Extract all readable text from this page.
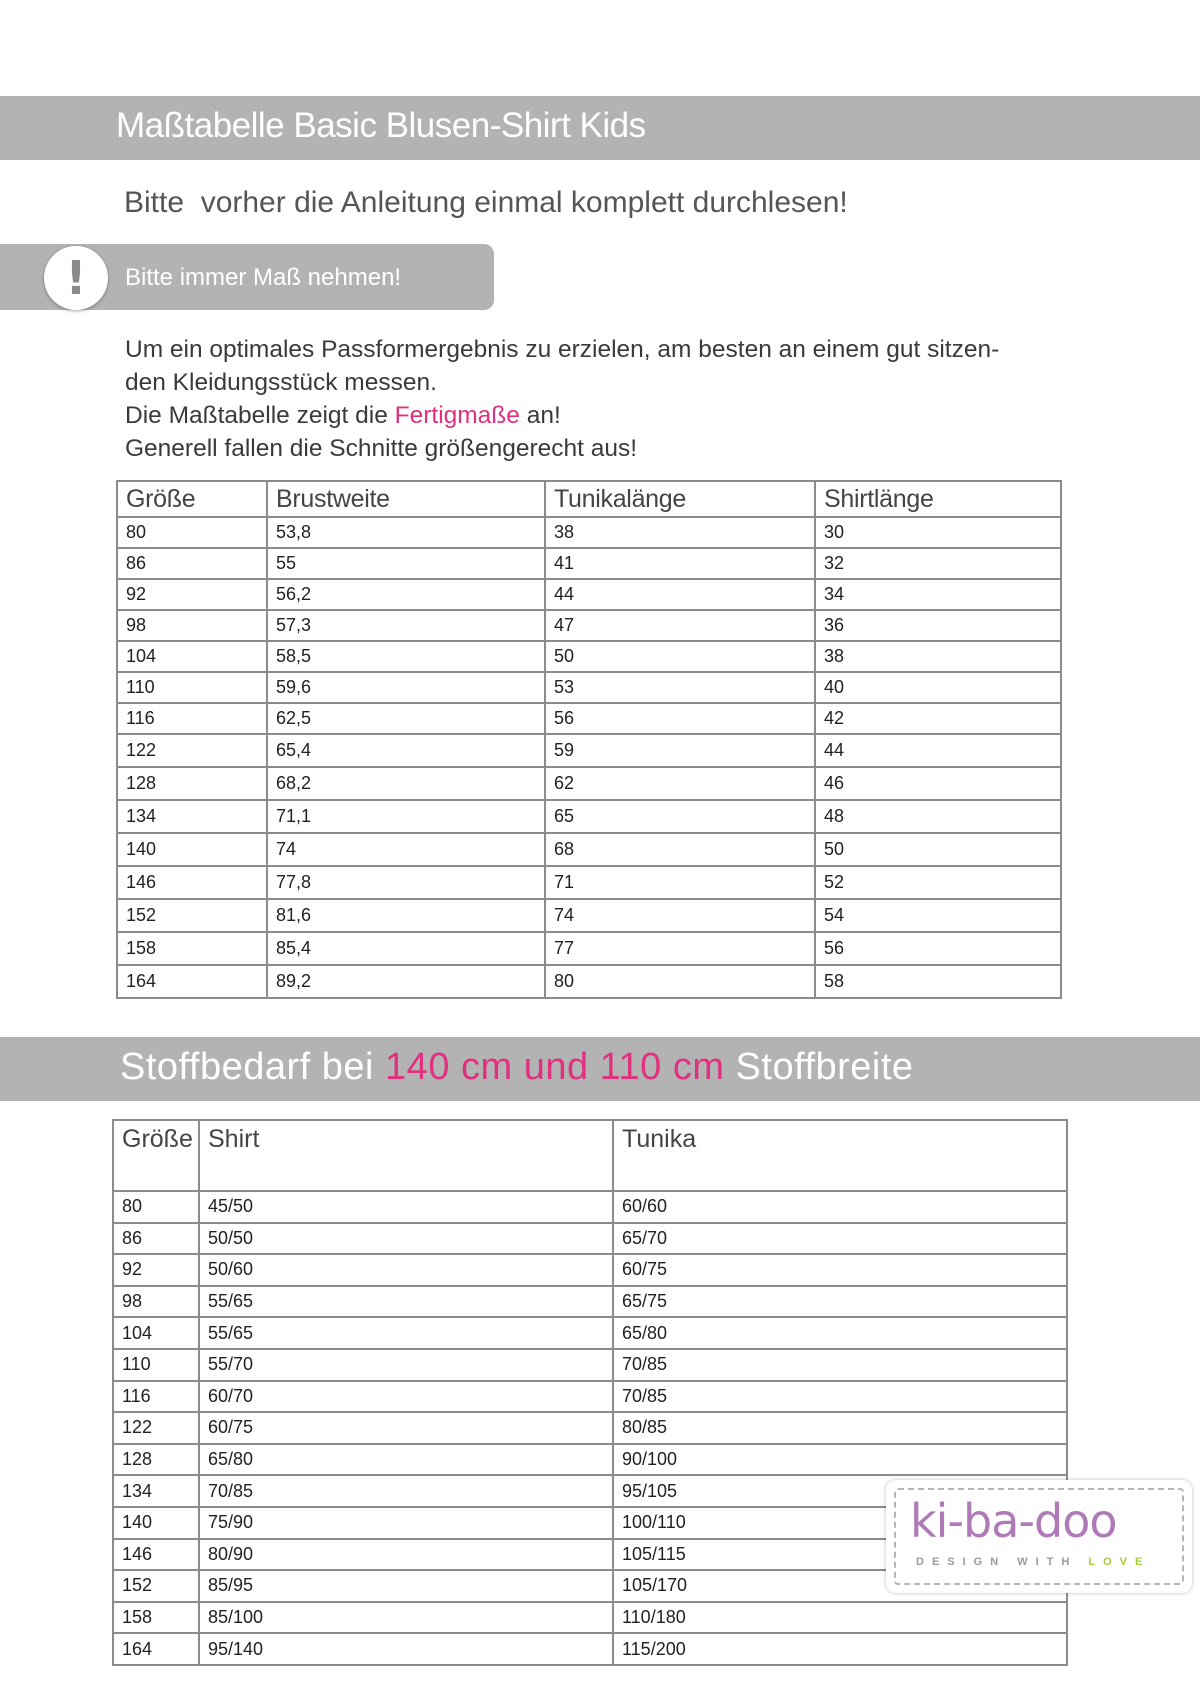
Maßtabelle Basic Blusen-Shirt Kids
Bitte  vorher die Anleitung einmal komplett durchlesen!
!	Bitte immer Maß nehmen!

Um ein optimales Passformergebnis zu erzielen, am besten an einem gut sitzen-

den Kleidungsstück messen.

Die Maßtabelle zeigt die Fertigmaße an!

Generell fallen die Schnitte größengerecht aus!

Größe	Brustweite	Tunikalänge	Shirtlänge
80	53,8	38	30
86	55	41	32
92	56,2	44	34
98	57,3	47	36
104	58,5	50	38
110	59,6	53	40
116	62,5	56	42
122	65,4	59	44
128	68,2	62	46
134	71,1	65	48
140	74	68	50
146	77,8	71	52
152	81,6	74	54
158	85,4	77	56
164	89,2	80	58
Stoffbedarf bei 140 cm und 110 cm Stoffbreite
Größe	Shirt	Tunika
80	45/50	60/60
86	50/50	65/70
92	50/60	60/75
98	55/65	65/75
104	55/65	65/80
110	55/70	70/85
116	60/70	70/85
122	60/75	80/85
128	65/80	90/100
134	70/85	95/105
140	75/90	100/110
146	80/90	105/115
152	85/95	105/170
158	85/100	110/180
164	95/140	115/200
ki-ba-doo
DESIGN WITH LOVE
